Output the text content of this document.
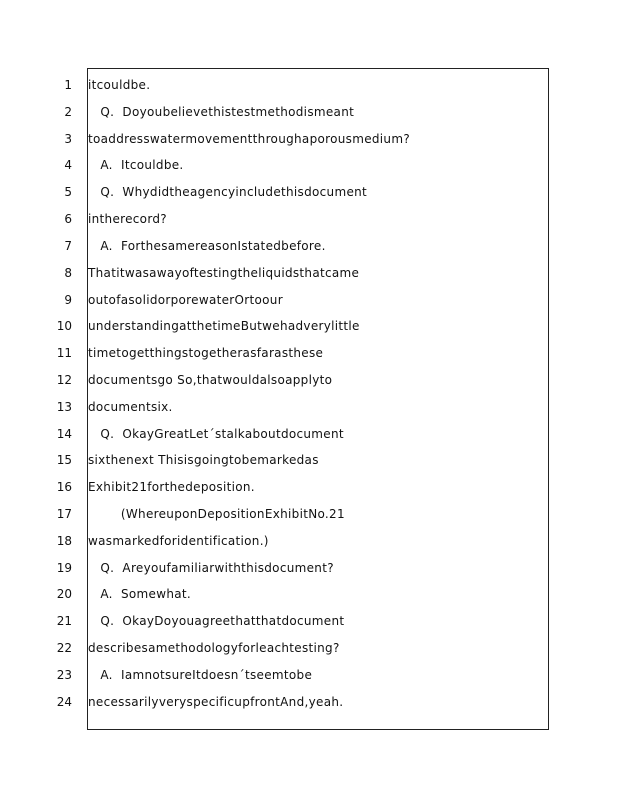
1 itcouldbe.
2 Q.  Doyoubelievethistestmethodismeant
3 toaddresswatermovementthroughaporousmedium?
4 A.  Itcouldbe.
5 Q.  Whydidtheagencyincludethisdocument
6 intherecord?
7 A.  ForthesamereasonIstatedbefore.
8 Thatitwasawayoftestingtheliquidsthatcame
9 outofasolidorporewaterOrtoour
10 understandingatthetimeButwehadverylittle
11 timetogetthingstogetherasfarasthese
12 documentsgo So,thatwouldalsoapplyto
13 documentsix.
14 Q.  OkayGreatLet´stalkaboutdocument
15 sixthenext Thisisgoingtobemarkedas
16 Exhibit21forthedeposition.
17 (WhereuponDepositionExhibitNo.21
18 wasmarkedforidentification.)
19 Q.  Areyoufamiliarwiththisdocument?
20 A.  Somewhat.
21 Q.  OkayDoyouagreethatthatdocument
22 describesamethodologyforleachtesting?
23 A.  IamnotsureItdoesn´tseemtobe
24 necessarilyveryspecificupfrontAnd,yeah.
